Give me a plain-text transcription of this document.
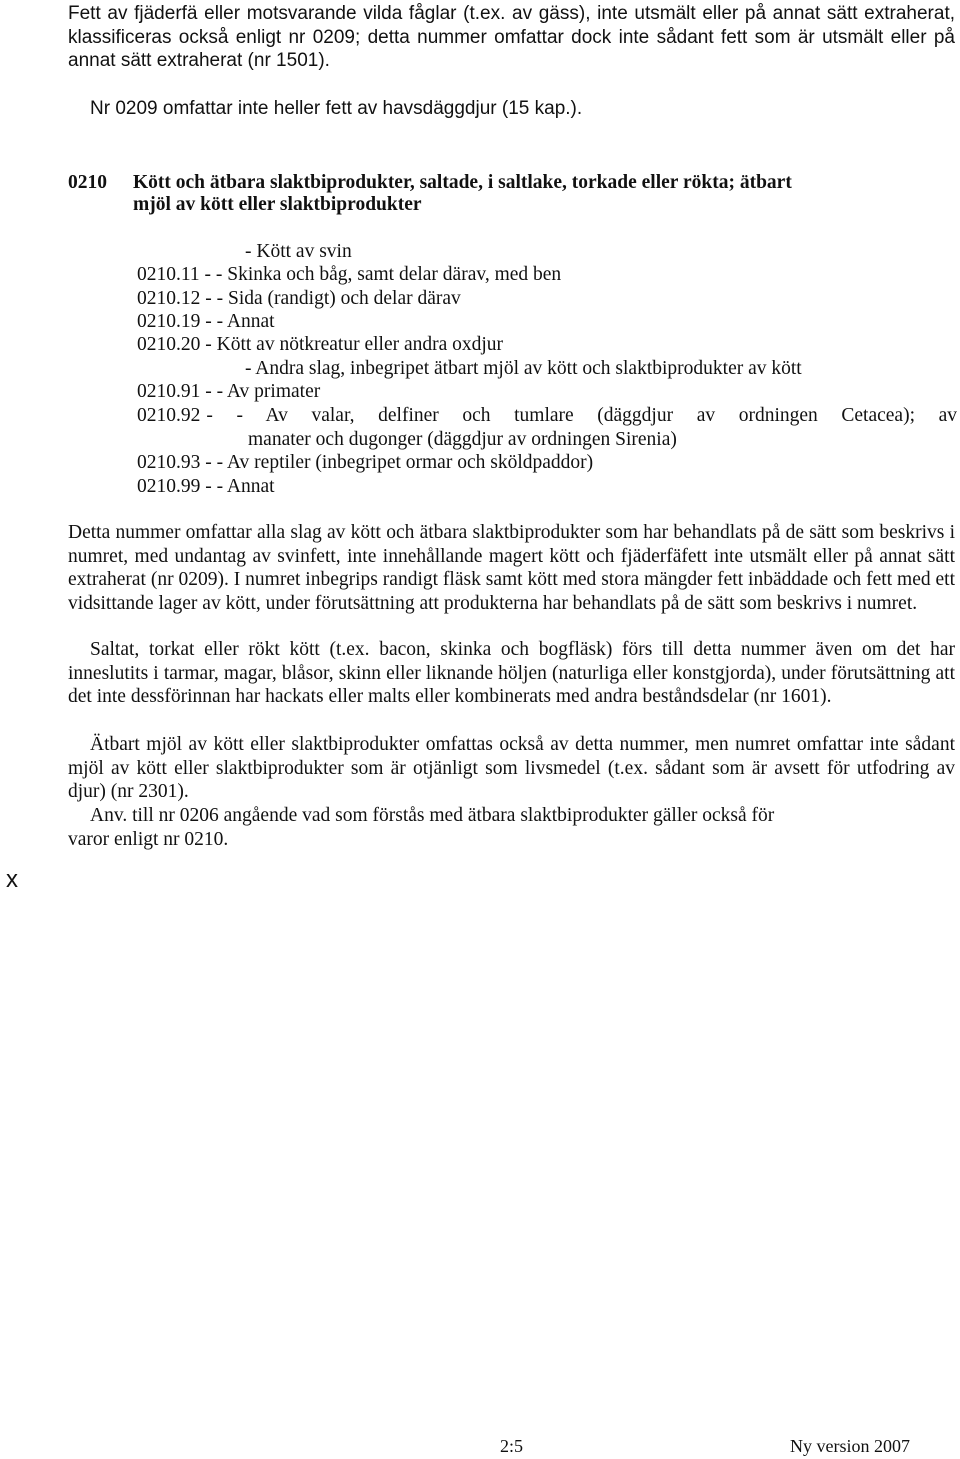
Fett av fjäderfä eller motsvarande vilda fåglar (t.ex. av gäss), inte utsmält eller på annat sätt extraherat, klassificeras också enligt nr 0209; detta nummer omfattar dock inte sådant fett som är utsmält eller på annat sätt extraherat (nr 1501).
Nr 0209 omfattar inte heller fett av havsdäggdjur (15 kap.).
0210 Kött och ätbara slaktbiprodukter, saltade, i saltlake, torkade eller rökta; ätbart
mjöl av kött eller slaktbiprodukter
- Kött av svin
0210.11 - - Skinka och båg, samt delar därav, med ben
0210.12 - - Sida (randigt) och delar därav
0210.19 - - Annat
0210.20 - Kött av nötkreatur eller andra oxdjur
- Andra slag, inbegripet ätbart mjöl av kött och slaktbiprodukter av kött
0210.91 - - Av primater
0210.92 - - Av valar, delfiner och tumlare (däggdjur av ordningen Cetacea); av
manater och dugonger (däggdjur av ordningen Sirenia)
0210.93 - - Av reptiler (inbegripet ormar och sköldpaddor)
0210.99 - - Annat
Detta nummer omfattar alla slag av kött och ätbara slaktbiprodukter som har behandlats på de sätt som beskrivs i numret, med undantag av svinfett, inte innehållande magert kött och fjäderfäfett inte utsmält eller på annat sätt extraherat (nr 0209). I numret inbegrips randigt fläsk samt kött med stora mängder fett inbäddade och fett med ett vidsittande lager av kött, under förutsättning att produkterna har behandlats på de sätt som beskrivs i numret.
Saltat, torkat eller rökt kött (t.ex. bacon, skinka och bogfläsk) förs till detta nummer även om det har inneslutits i tarmar, magar, blåsor, skinn eller liknande höljen (naturliga eller konstgjorda), under förutsättning att det inte dessförinnan har hackats eller malts eller kombinerats med andra beståndsdelar (nr 1601).
Ätbart mjöl av kött eller slaktbiprodukter omfattas också av detta nummer, men numret omfattar inte sådant mjöl av kött eller slaktbiprodukter som är otjänligt som livsmedel (t.ex. sådant som är avsett för utfodring av djur) (nr 2301).
Anv. till nr 0206 angående vad som förstås med ätbara slaktbiprodukter gäller också för
varor enligt nr 0210.
x
2:5	Ny version 2007
